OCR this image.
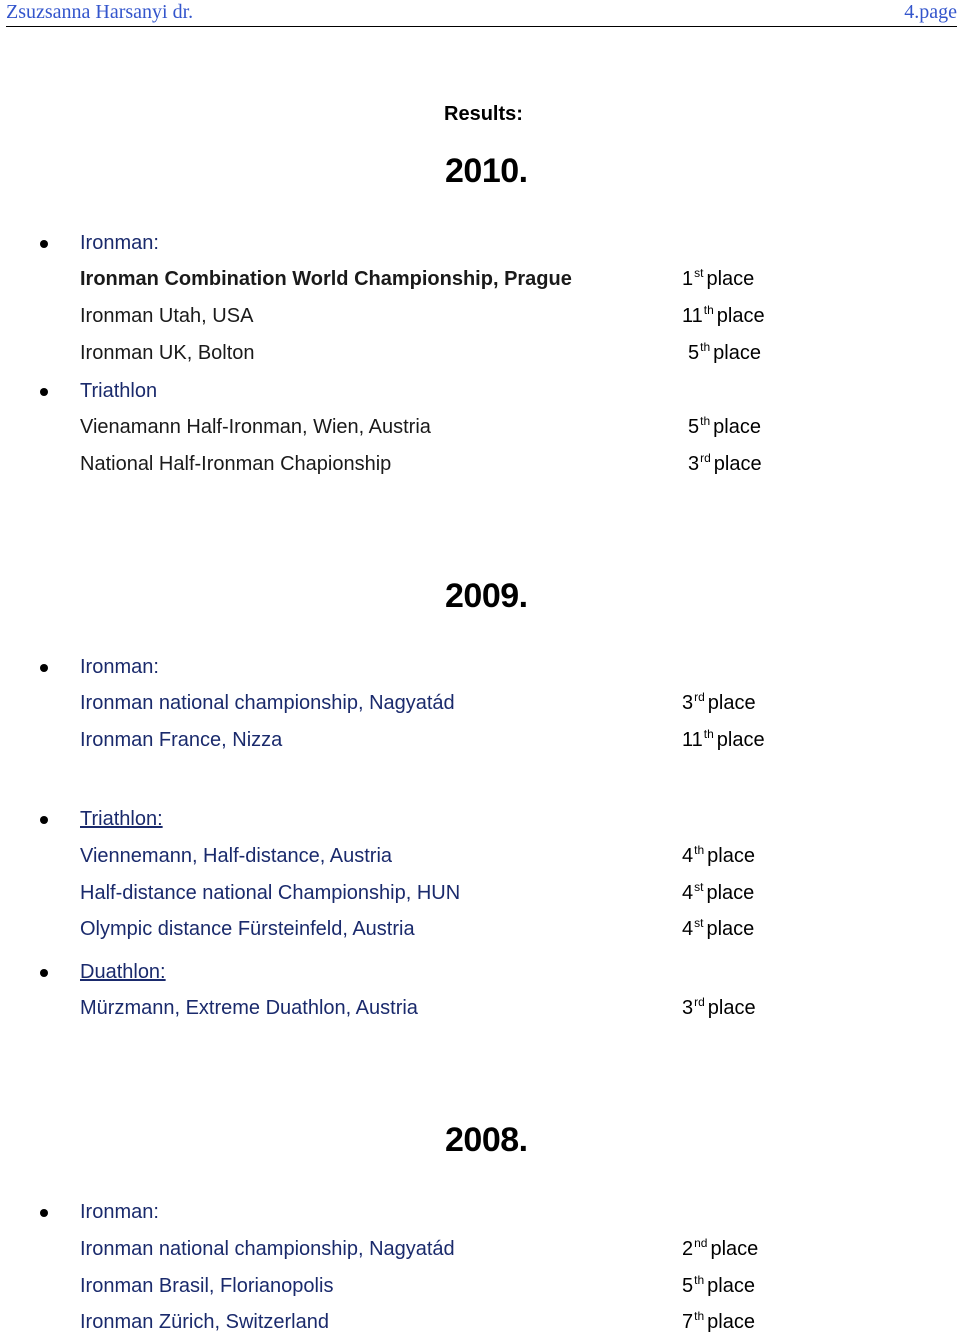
Zsuzsanna Harsanyi dr.	4.page
Results:
2010.
Ironman:
Ironman Combination World Championship, Prague	1st place
Ironman Utah, USA	11th place
Ironman UK, Bolton	5th place
Triathlon
Vienamann Half-Ironman, Wien, Austria	5th place
National Half-Ironman Chapionship	3rd place
2009.
Ironman:
Ironman national championship, Nagyatád	3rd place
Ironman France, Nizza	11th place
Triathlon:
Viennemann, Half-distance, Austria	4th place
Half-distance national Championship, HUN	4st place
Olympic distance Fürsteinfeld, Austria	4st place
Duathlon:
Mürzmann, Extreme Duathlon, Austria	3rd place
2008.
Ironman:
Ironman national championship, Nagyatád	2nd place
Ironman Brasil, Florianopolis	5th place
Ironman Zürich, Switzerland	7th place
